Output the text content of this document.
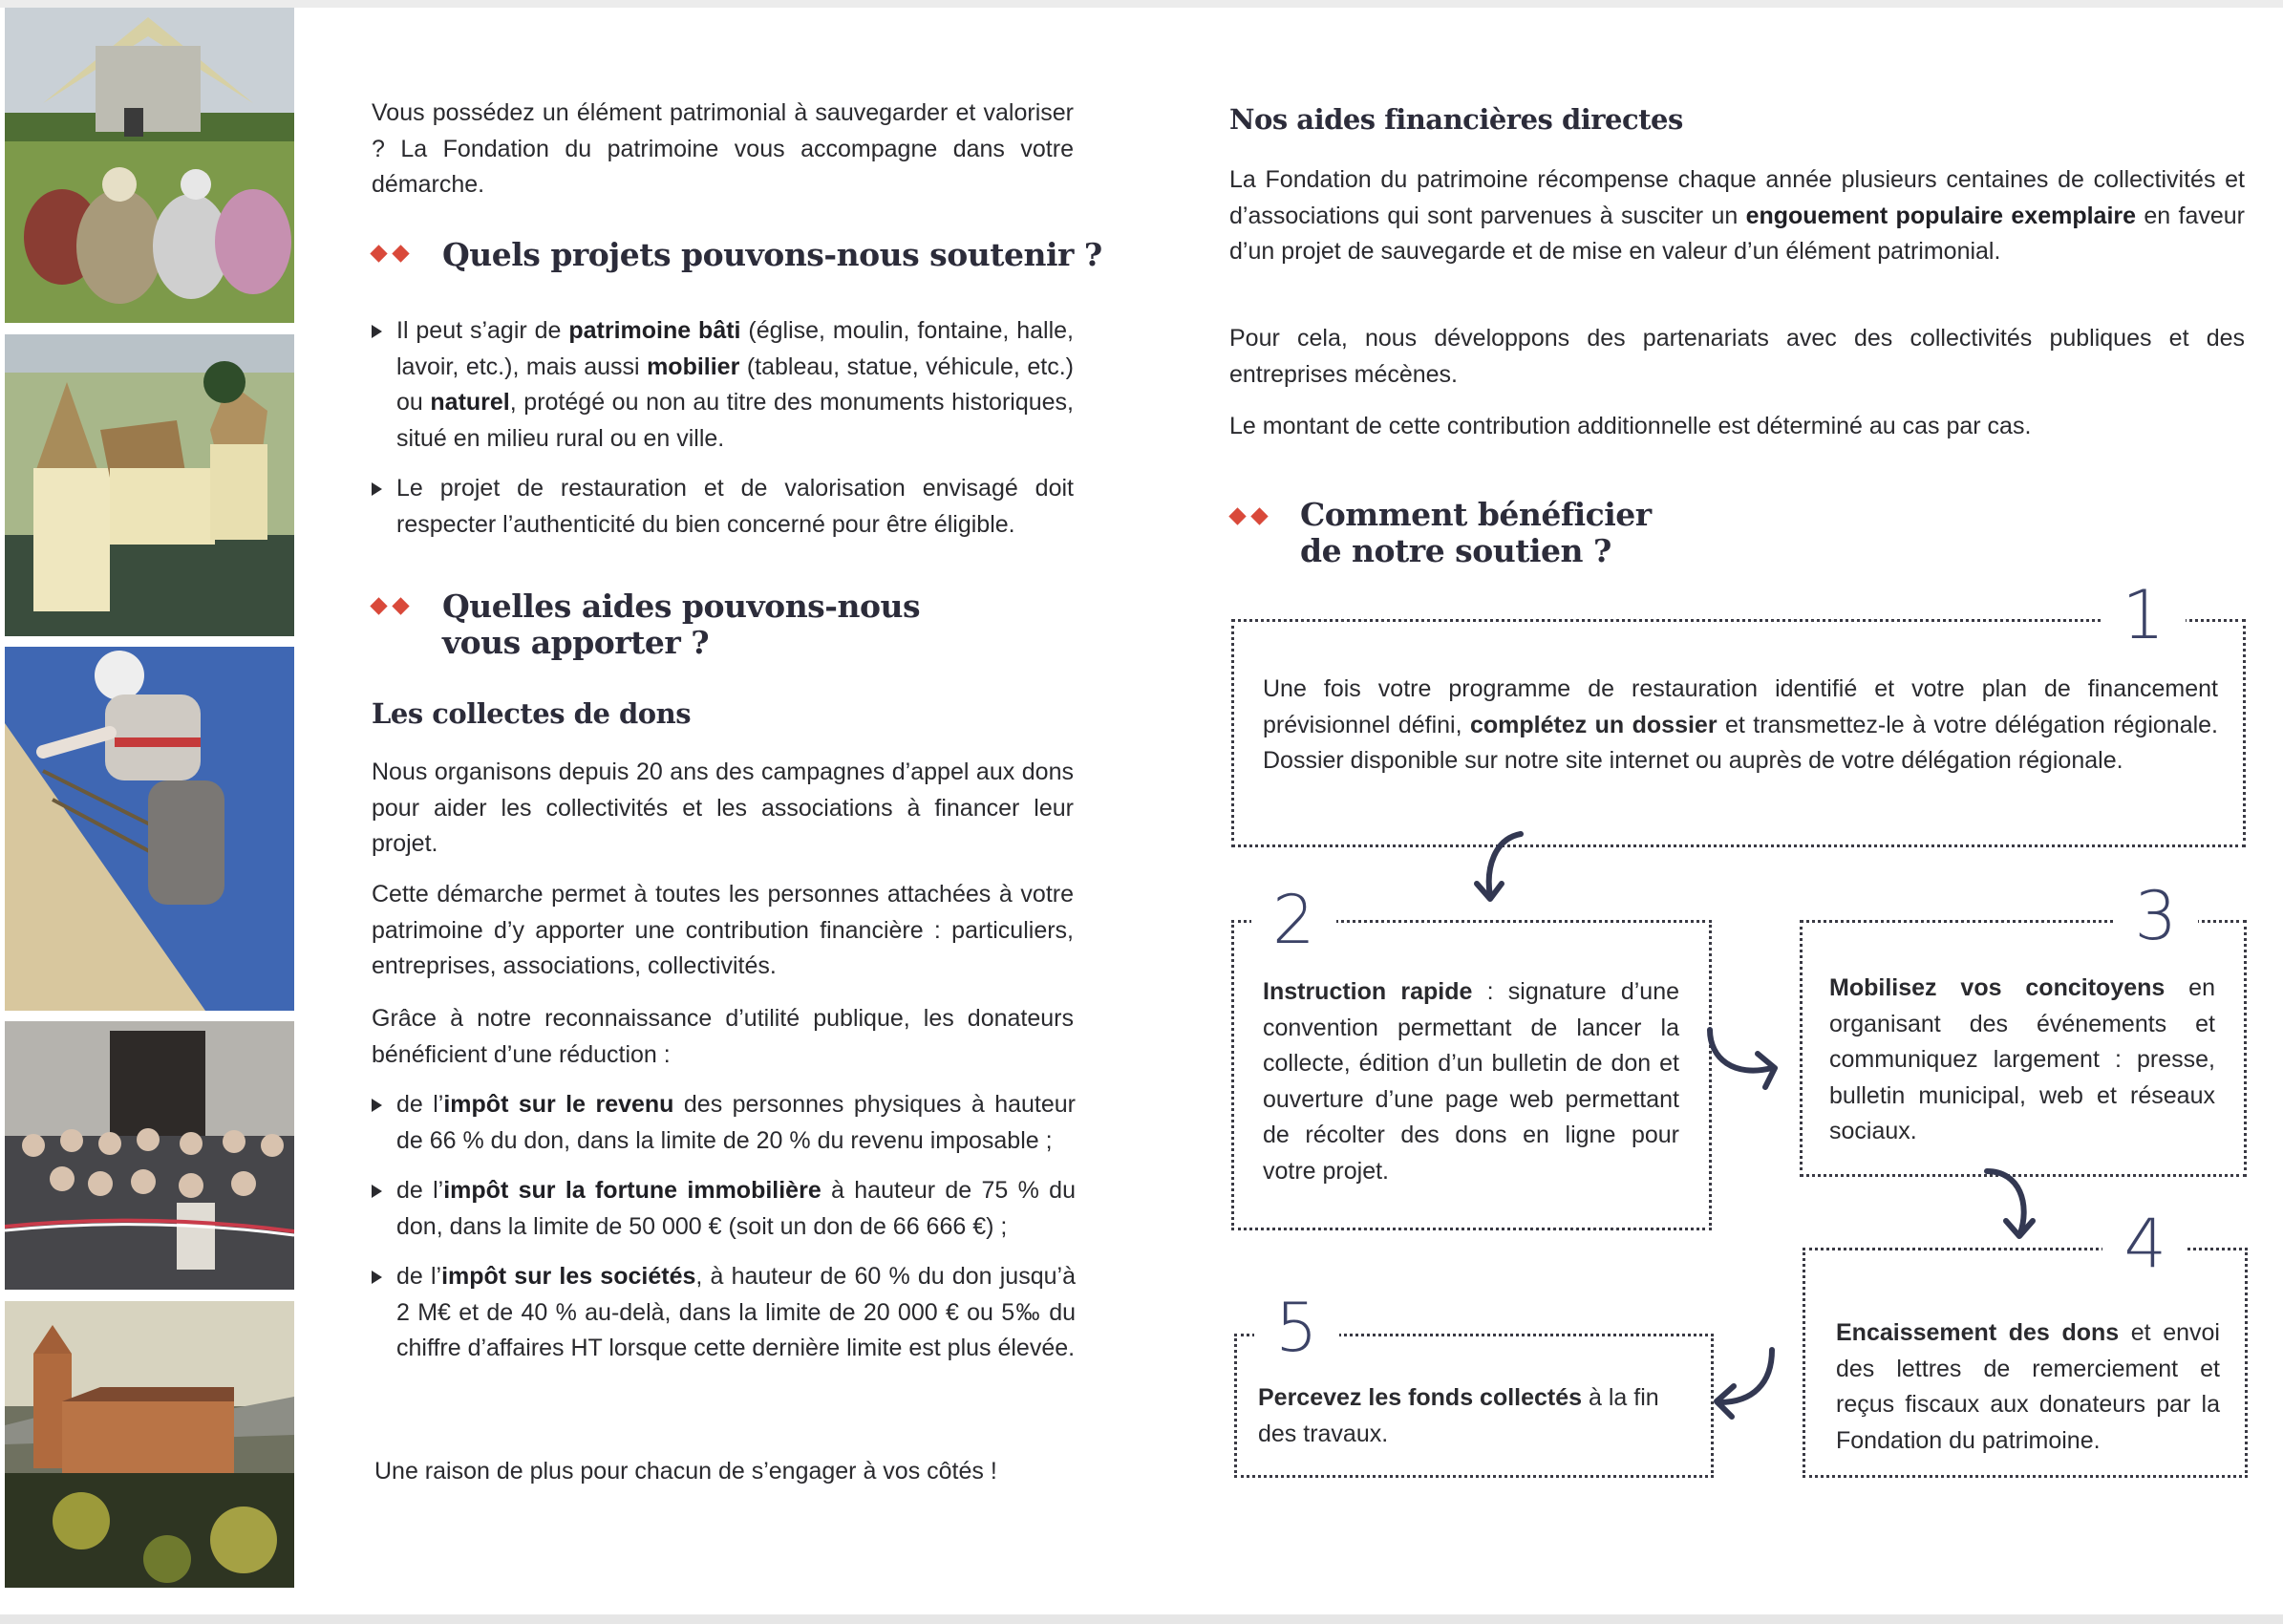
Vous possédez un élément patrimonial à sauvegarder et valoriser ? La Fondation du patrimoine vous accompagne dans votre démarche.

Quels projets pouvons-nous soutenir ?
Il peut s’agir de patrimoine bâti (église, moulin, fontaine, halle, lavoir, etc.), mais aussi mobilier (tableau, statue, véhicule, etc.) ou naturel, protégé ou non au titre des monuments historiques, situé en milieu rural ou en ville.
Le projet de restauration et de valorisation envisagé doit respecter l’authenticité du bien concerné pour être éligible.
Quelles aides pouvons-nous
vous apporter ?
Les collectes de dons

Nous organisons depuis 20 ans des campagnes d’appel aux dons pour aider les collectivités et les associations à financer leur projet.

Cette démarche permet à toutes les personnes attachées à votre patrimoine d’y apporter une contribution financière : particuliers, entreprises, associations, collectivités.

Grâce à notre reconnaissance d’utilité publique, les donateurs bénéficient d’une réduction :

de l’impôt sur le revenu des personnes physiques à hauteur de 66 % du don, dans la limite de 20 % du revenu imposable ;
de l’impôt sur la fortune immobilière à hauteur de 75 % du don, dans la limite de 50 000 € (soit un don de 66 666 €) ;
de l’impôt sur les sociétés, à hauteur de 60 % du don jusqu’à 2 M€ et de 40 % au-delà, dans la limite de 20 000 € ou 5‰ du chiffre d’affaires HT lorsque cette dernière limite est plus élevée.

Une raison de plus pour chacun de s’engager à vos côtés !

Nos aides financières directes

La Fondation du patrimoine récompense chaque année plusieurs centaines de collectivités et d’associations qui sont parvenues à susciter un engouement populaire exemplaire en faveur d’un projet de sauvegarde et de mise en valeur d’un élément patrimonial.

Pour cela, nous développons des partenariats avec des collectivités publiques et des entreprises mécènes.

Le montant de cette contribution additionnelle est déterminé au cas par cas.

Comment bénéficier
de notre soutien ?
1
Une fois votre programme de restauration identifié et votre plan de financement prévisionnel défini, complétez un dossier et transmettez-le à votre délégation régionale. Dossier disponible sur notre site internet ou auprès de votre délégation régionale.
2
Instruction rapide : signature d’une convention permettant de lancer la collecte, édition d’un bulletin de don et ouverture d’une page web permettant de récolter des dons en ligne pour votre projet.
3
Mobilisez vos concitoyens en organisant des événements et communiquez largement : presse, bulletin municipal, web et réseaux sociaux.
4
Encaissement des dons et envoi des lettres de remerciement et reçus fiscaux aux donateurs par la Fondation du patrimoine.
5
Percevez les fonds collectés à la fin des travaux.
